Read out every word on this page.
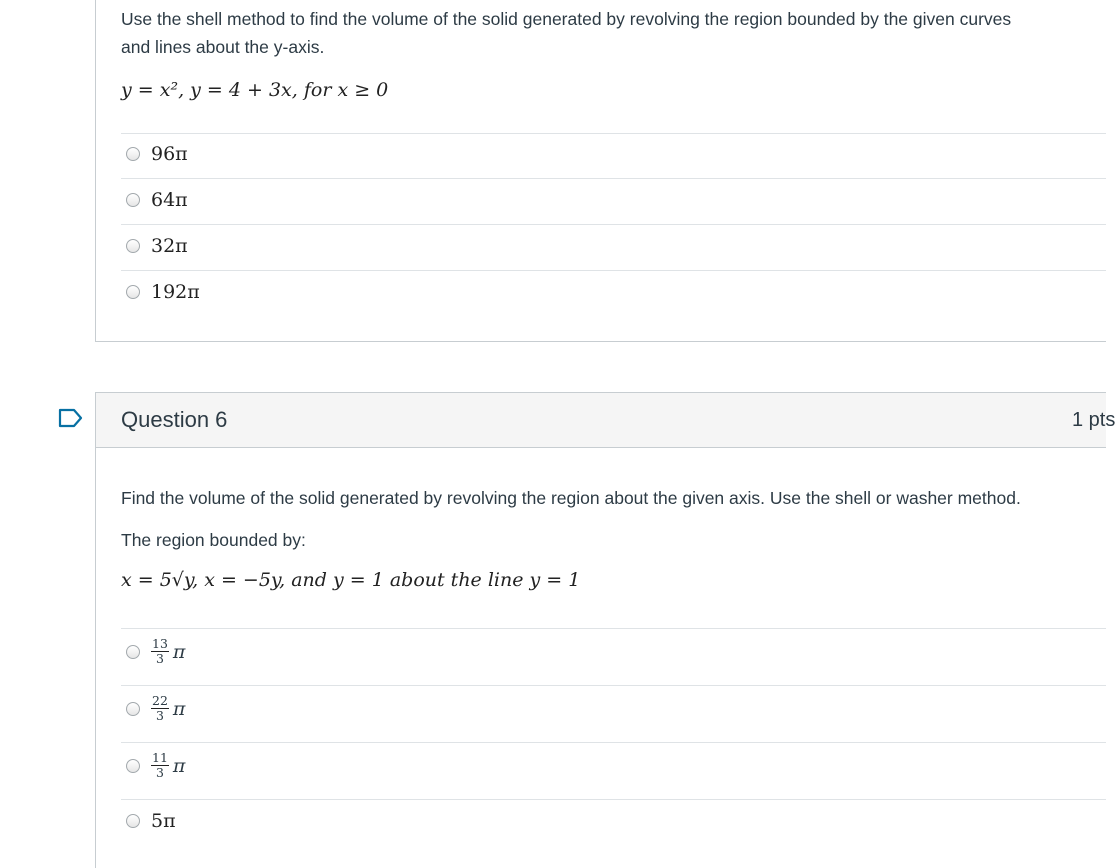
Use the shell method to find the volume of the solid generated by revolving the region bounded by the given curves
and lines about the y-axis.
y = x², y = 4 + 3x, for x ≥ 0
96π
64π
32π
192π
Question 6	1 pts
Find the volume of the solid generated by revolving the region about the given axis. Use the shell or washer method.
The region bounded by:
x = 5√y, x = −5y, and y = 1 about the line y = 1
$\frac{13}{3}$ π
$\frac{22}{3}$ π
$\frac{11}{3}$ π
5π
